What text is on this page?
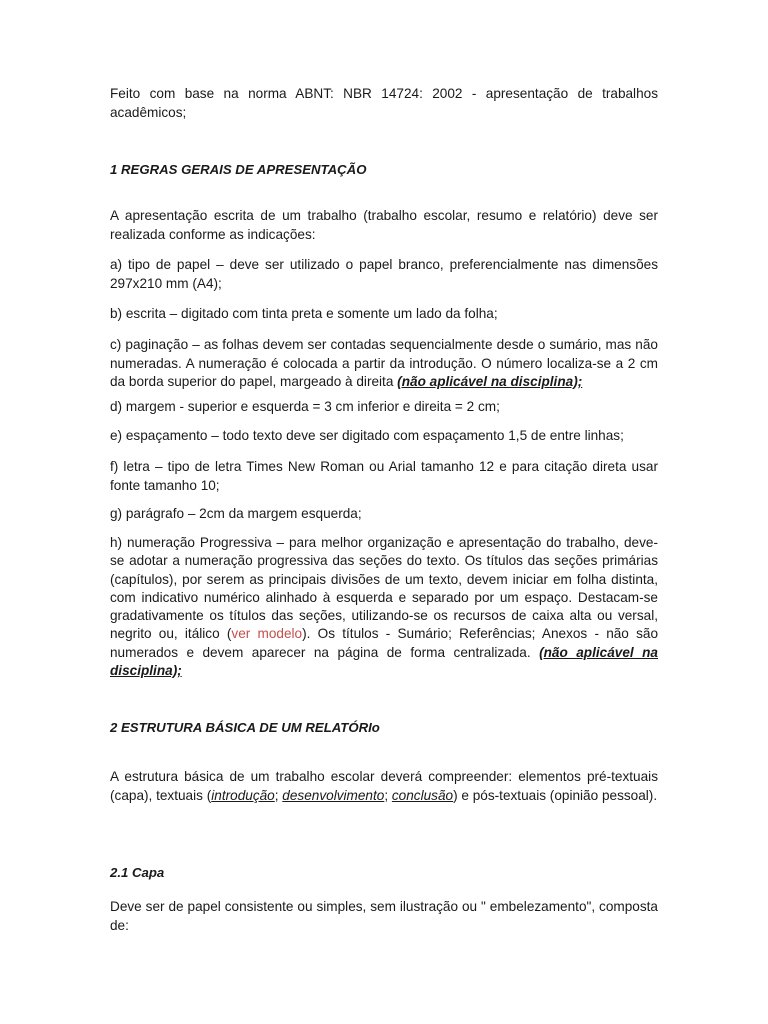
Feito com base na norma ABNT: NBR 14724: 2002 - apresentação de trabalhos acadêmicos;

1 REGRAS GERAIS DE APRESENTAÇÃO

A apresentação escrita de um trabalho (trabalho escolar, resumo e relatório) deve ser realizada conforme as indicações:

a) tipo de papel – deve ser utilizado o papel branco, preferencialmente nas dimensões 297x210 mm (A4);

b) escrita – digitado com tinta preta e somente um lado da folha;

c) paginação – as folhas devem ser contadas sequencialmente desde o sumário, mas não numeradas. A numeração é colocada a partir da introdução. O número localiza-se a 2 cm da borda superior do papel, margeado à direita (não aplicável na disciplina);

d) margem - superior e esquerda = 3 cm inferior e direita = 2 cm;

e) espaçamento – todo texto deve ser digitado com espaçamento 1,5 de entre linhas;

f) letra – tipo de letra Times New Roman ou Arial tamanho 12 e para citação direta usar fonte tamanho 10;

g) parágrafo – 2cm da margem esquerda;

h) numeração Progressiva – para melhor organização e apresentação do trabalho, deve-se adotar a numeração progressiva das seções do texto. Os títulos das seções primárias (capítulos), por serem as principais divisões de um texto, devem iniciar em folha distinta, com indicativo numérico alinhado à esquerda e separado por um espaço. Destacam-se gradativamente os títulos das seções, utilizando-se os recursos de caixa alta ou versal, negrito ou, itálico (ver modelo). Os títulos - Sumário; Referências; Anexos - não são numerados e devem aparecer na página de forma centralizada. (não aplicável na disciplina);

2 ESTRUTURA BÁSICA DE UM RELATÓRIo

A estrutura básica de um trabalho escolar deverá compreender: elementos pré-textuais (capa), textuais (introdução; desenvolvimento; conclusão) e pós-textuais (opinião pessoal).

2.1 Capa

Deve ser de papel consistente ou simples, sem ilustração ou " embelezamento", composta de:
